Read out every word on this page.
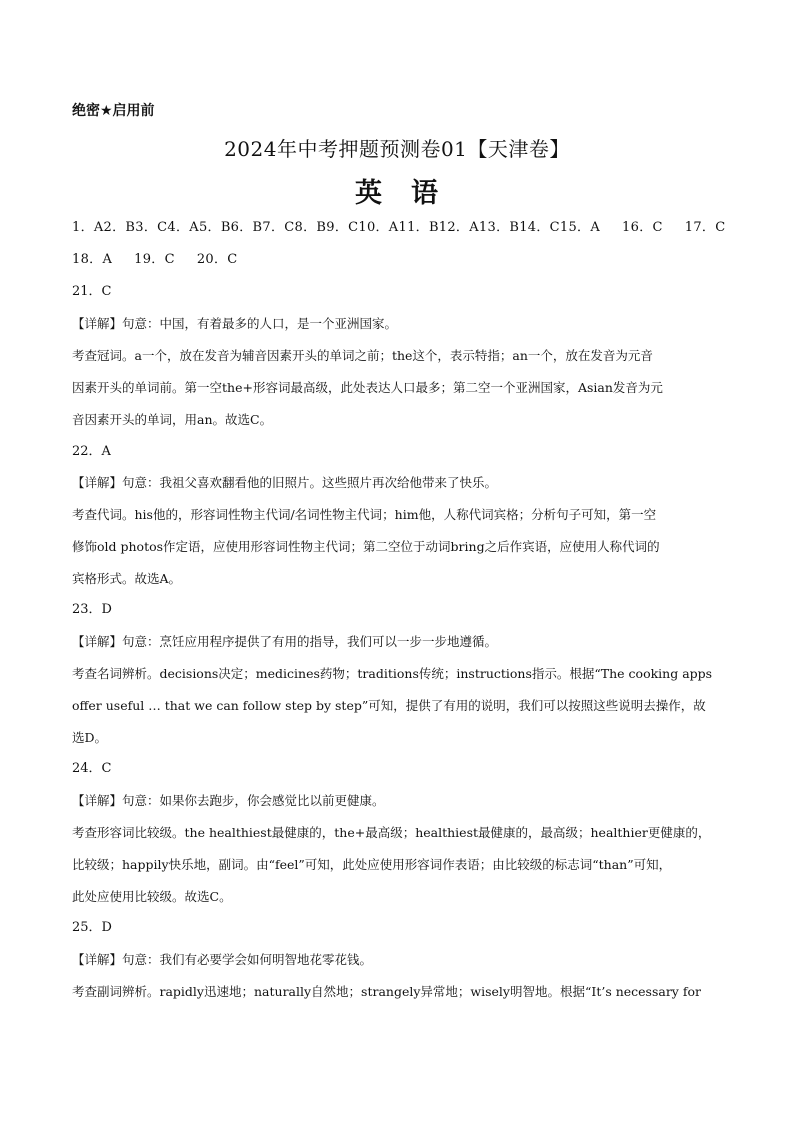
绝密★启用前
2024年中考押题预测卷01【天津卷】
英　语
1．A2．B3．C4．A5．B6．B7．C8．B9．C10．A11．B12．A13．B14．C15．A 16．C 17．C
18．A 19．C 20．C
21．C
【详解】句意：中国，有着最多的人口，是一个亚洲国家。
考查冠词。a一个，放在发音为辅音因素开头的单词之前；the这个，表示特指；an一个，放在发音为元音
因素开头的单词前。第一空the+形容词最高级，此处表达人口最多；第二空一个亚洲国家，Asian发音为元
音因素开头的单词，用an。故选C。
22．A
【详解】句意：我祖父喜欢翻看他的旧照片。这些照片再次给他带来了快乐。
考查代词。his他的，形容词性物主代词/名词性物主代词；him他，人称代词宾格；分析句子可知，第一空
修饰old photos作定语，应使用形容词性物主代词；第二空位于动词bring之后作宾语，应使用人称代词的
宾格形式。故选A。
23．D
【详解】句意：烹饪应用程序提供了有用的指导，我们可以一步一步地遵循。
考查名词辨析。decisions决定；medicines药物；traditions传统；instructions指示。根据“The cooking apps
offer useful … that we can follow step by step”可知，提供了有用的说明，我们可以按照这些说明去操作，故
选D。
24．C
【详解】句意：如果你去跑步，你会感觉比以前更健康。
考查形容词比较级。the healthiest最健康的，the+最高级；healthiest最健康的，最高级；healthier更健康的，
比较级；happily快乐地，副词。由“feel”可知，此处应使用形容词作表语；由比较级的标志词“than”可知，
此处应使用比较级。故选C。
25．D
【详解】句意：我们有必要学会如何明智地花零花钱。
考查副词辨析。rapidly迅速地；naturally自然地；strangely异常地；wisely明智地。根据“It’s necessary for
